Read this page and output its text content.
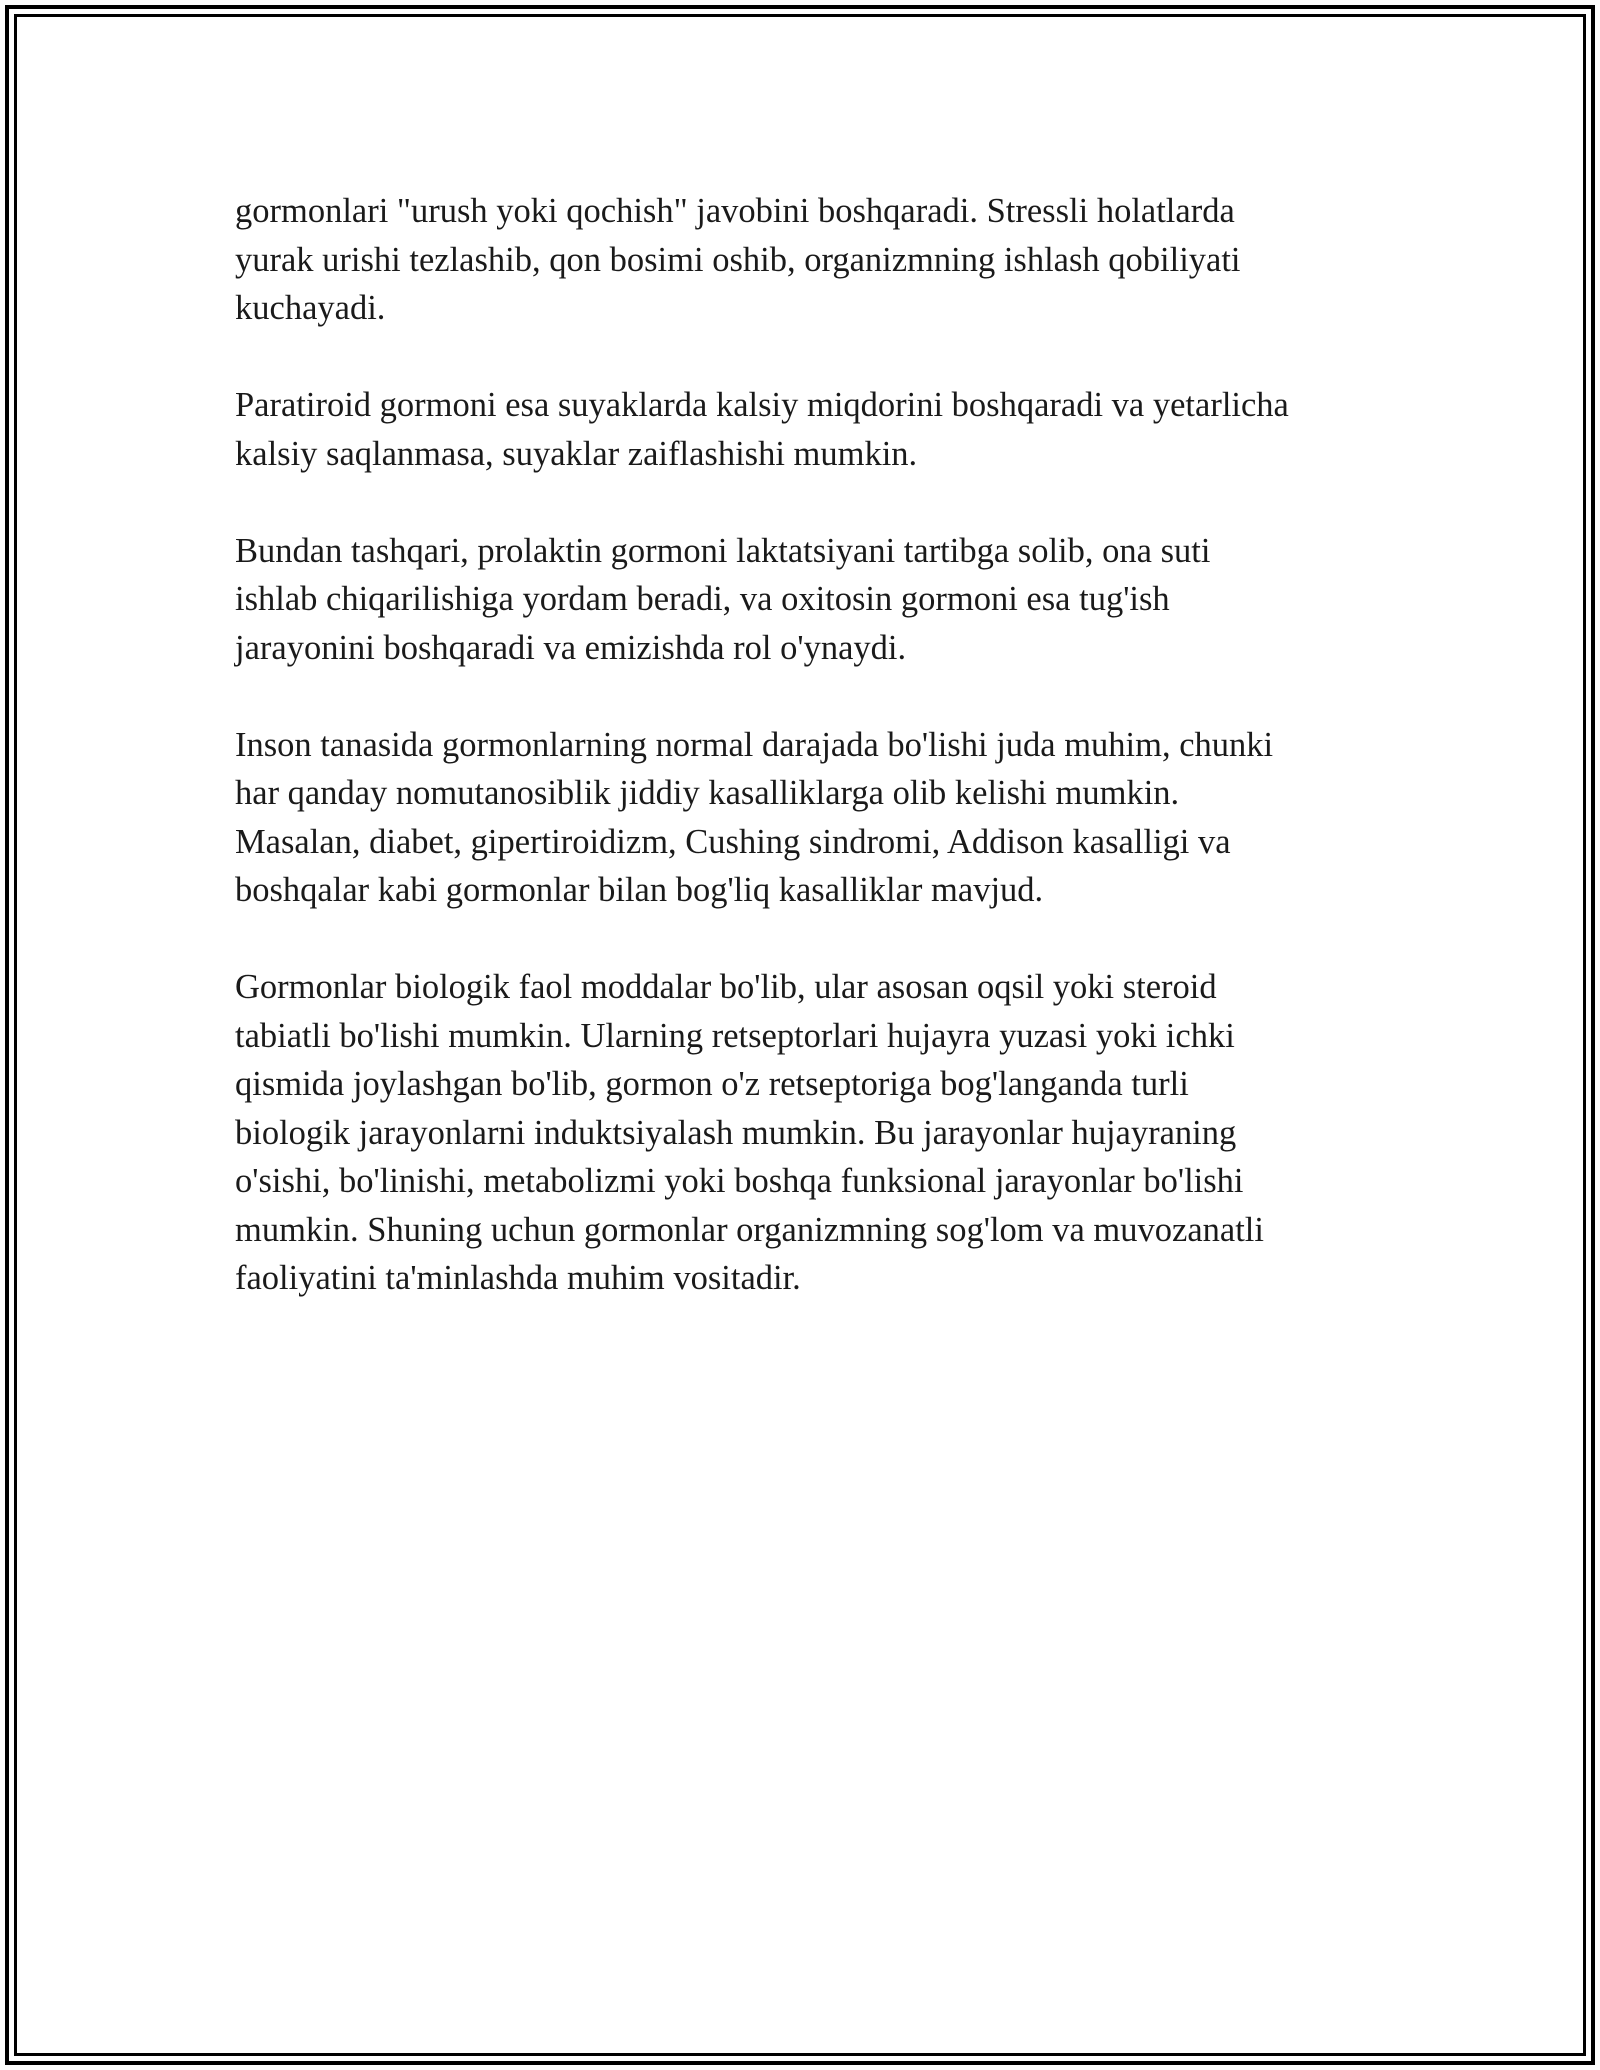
gormonlari "urush yoki qochish" javobini boshqaradi. Stressli holatlarda
yurak urishi tezlashib, qon bosimi oshib, organizmning ishlash qobiliyati
kuchayadi.

Paratiroid gormoni esa suyaklarda kalsiy miqdorini boshqaradi va yetarlicha
kalsiy saqlanmasa, suyaklar zaiflashishi mumkin.

Bundan tashqari, prolaktin gormoni laktatsiyani tartibga solib, ona suti
ishlab chiqarilishiga yordam beradi, va oxitosin gormoni esa tug'ish
jarayonini boshqaradi va emizishda rol o'ynaydi.

Inson tanasida gormonlarning normal darajada bo'lishi juda muhim, chunki
har qanday nomutanosiblik jiddiy kasalliklarga olib kelishi mumkin.
Masalan, diabet, gipertiroidizm, Cushing sindromi, Addison kasalligi va
boshqalar kabi gormonlar bilan bog'liq kasalliklar mavjud.

Gormonlar biologik faol moddalar bo'lib, ular asosan oqsil yoki steroid
tabiatli bo'lishi mumkin. Ularning retseptorlari hujayra yuzasi yoki ichki
qismida joylashgan bo'lib, gormon o'z retseptoriga bog'langanda turli
biologik jarayonlarni induktsiyalash mumkin. Bu jarayonlar hujayraning
o'sishi, bo'linishi, metabolizmi yoki boshqa funksional jarayonlar bo'lishi
mumkin. Shuning uchun gormonlar organizmning sog'lom va muvozanatli
faoliyatini ta'minlashda muhim vositadir.
